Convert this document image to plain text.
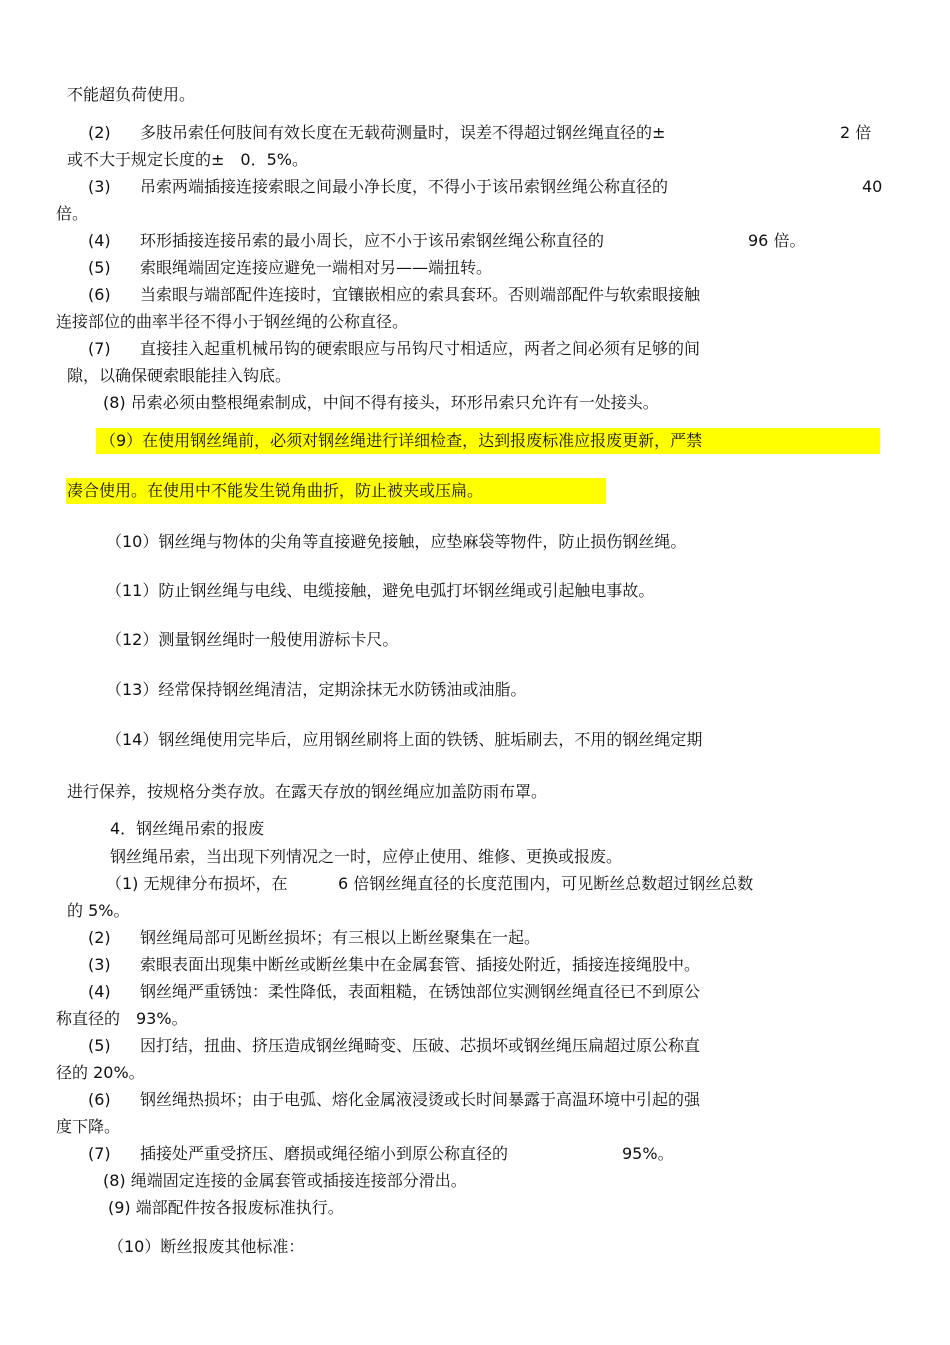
不能超负荷使用。
(2) 多肢吊索任何肢间有效长度在无载荷测量时，误差不得超过钢丝绳直径的±	2 倍
或不大于规定长度的±　0．5%。
(3) 吊索两端插接连接索眼之间最小净长度，不得小于该吊索钢丝绳公称直径的	40
倍。
(4) 环形插接连接吊索的最小周长，应不小于该吊索钢丝绳公称直径的	96 倍。
(5) 索眼绳端固定连接应避免一端相对另——端扭转。
(6) 当索眼与端部配件连接时，宜镶嵌相应的索具套环。否则端部配件与软索眼接触
连接部位的曲率半径不得小于钢丝绳的公称直径。
(7) 直接挂入起重机械吊钩的硬索眼应与吊钩尺寸相适应，两者之间必须有足够的间
隙，以确保硬索眼能挂入钩底。
(8) 吊索必须由整根绳索制成，中间不得有接头，环形吊索只允许有一处接头。
（9）在使用钢丝绳前，必须对钢丝绳进行详细检查，达到报废标准应报废更新，严禁
凑合使用。在使用中不能发生锐角曲折，防止被夹或压扁。
（10）钢丝绳与物体的尖角等直接避免接触，应垫麻袋等物件，防止损伤钢丝绳。
（11）防止钢丝绳与电线、电缆接触，避免电弧打坏钢丝绳或引起触电事故。
（12）测量钢丝绳时一般使用游标卡尺。
（13）经常保持钢丝绳清洁，定期涂抹无水防锈油或油脂。
（14）钢丝绳使用完毕后，应用钢丝刷将上面的铁锈、脏垢刷去，不用的钢丝绳定期
进行保养，按规格分类存放。在露天存放的钢丝绳应加盖防雨布罩。
4．钢丝绳吊索的报废
钢丝绳吊索，当出现下列情况之一时，应停止使用、维修、更换或报废。
（1) 无规律分布损坏，在	6 倍钢丝绳直径的长度范围内，可见断丝总数超过钢丝总数
的 5%。
(2) 钢丝绳局部可见断丝损坏；有三根以上断丝聚集在一起。
(3) 索眼表面出现集中断丝或断丝集中在金属套管、插接处附近，插接连接绳股中。
(4) 钢丝绳严重锈蚀：柔性降低，表面粗糙，在锈蚀部位实测钢丝绳直径已不到原公
称直径的　93%。
(5) 因打结，扭曲、挤压造成钢丝绳畸变、压破、芯损坏或钢丝绳压扁超过原公称直
径的 20%。
(6) 钢丝绳热损坏；由于电弧、熔化金属液浸烫或长时间暴露于高温环境中引起的强
度下降。
(7) 插接处严重受挤压、磨损或绳径缩小到原公称直径的	95%。
(8) 绳端固定连接的金属套管或插接连接部分滑出。
(9) 端部配件按各报废标准执行。
（10）断丝报废其他标准：
